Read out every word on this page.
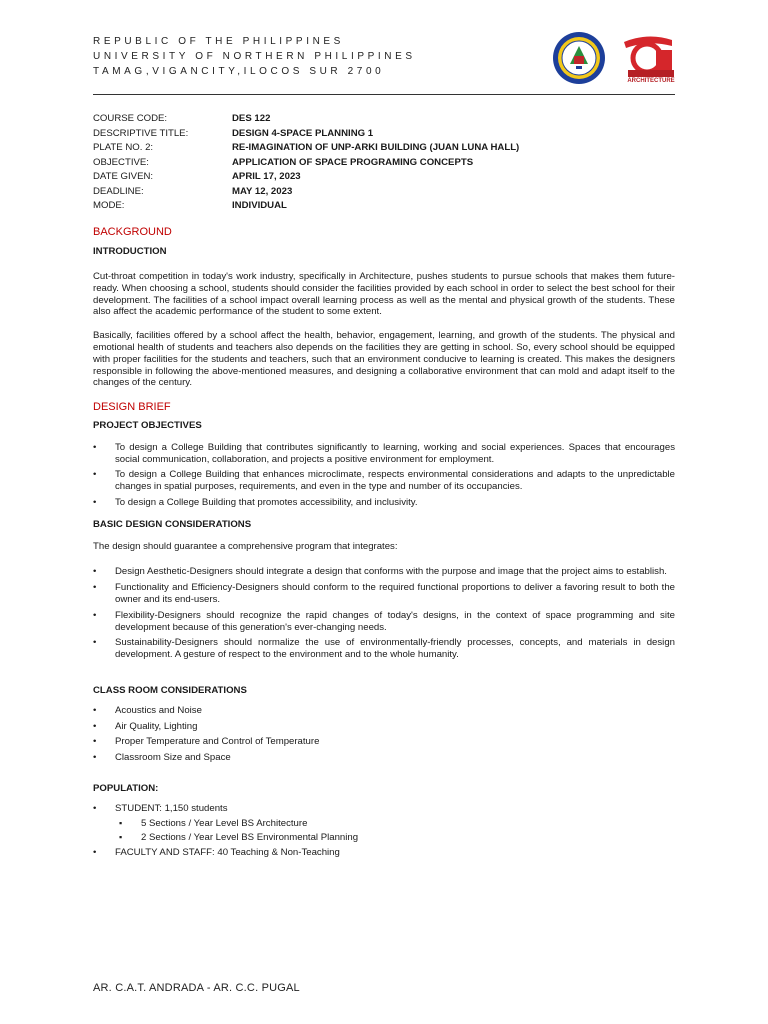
REPUBLIC OF THE PHILIPPINES
UNIVERSITY OF NORTHERN PHILIPPINES
TAMAG,VIGANCITY,ILOCOS SUR 2700
ARCHITECTURE
COURSE CODE:	DES 122
DESCRIPTIVE TITLE:	DESIGN 4-SPACE PLANNING 1
PLATE NO. 2:	RE-IMAGINATION OF UNP-ARKI BUILDING (JUAN LUNA HALL)
OBJECTIVE:	APPLICATION OF SPACE PROGRAMING CONCEPTS
DATE GIVEN:	APRIL 17, 2023
DEADLINE:	MAY 12, 2023
MODE:	INDIVIDUAL
BACKGROUND
INTRODUCTION

Cut-throat competition in today's work industry, specifically in Architecture, pushes students to pursue schools that makes them future-ready. When choosing a school, students should consider the facilities provided by each school in order to select the best school for their development. The facilities of a school impact overall learning process as well as the mental and physical growth of the students. These also affect the academic performance of the student to some extent.

Basically, facilities offered by a school affect the health, behavior, engagement, learning, and growth of the students. The physical and emotional health of students and teachers also depends on the facilities they are getting in school. So, every school should be equipped with proper facilities for the students and teachers, such that an environment conducive to learning is created. This makes the designers responsible in following the above-mentioned measures, and designing a collaborative environment that can mold and adapt itself to the changes of the century.

DESIGN BRIEF
PROJECT OBJECTIVES
• To design a College Building that contributes significantly to learning, working and social experiences. Spaces that encourages social communication, collaboration, and projects a positive environment for employment.
• To design a College Building that enhances microclimate, respects environmental considerations and adapts to the unpredictable changes in spatial purposes, requirements, and even in the type and number of its occupancies.
• To design a College Building that promotes accessibility, and inclusivity.
BASIC DESIGN CONSIDERATIONS

The design should guarantee a comprehensive program that integrates:

• Design Aesthetic-Designers should integrate a design that conforms with the purpose and image that the project aims to establish.
• Functionality and Efficiency-Designers should conform to the required functional proportions to deliver a favoring result to both the owner and its end-users.
• Flexibility-Designers should recognize the rapid changes of today's designs, in the context of space programming and site development because of this generation's ever-changing needs.
• Sustainability-Designers should normalize the use of environmentally-friendly processes, concepts, and materials in design development. A gesture of respect to the environment and to the whole humanity.
CLASS ROOM CONSIDERATIONS
• Acoustics and Noise
• Air Quality, Lighting
• Proper Temperature and Control of Temperature
• Classroom Size and Space
POPULATION:
• STUDENT: 1,150 students
▪ 5 Sections / Year Level BS Architecture
▪ 2 Sections / Year Level BS Environmental Planning
• FACULTY AND STAFF: 40 Teaching & Non-Teaching
AR. C.A.T. ANDRADA - AR. C.C. PUGAL
